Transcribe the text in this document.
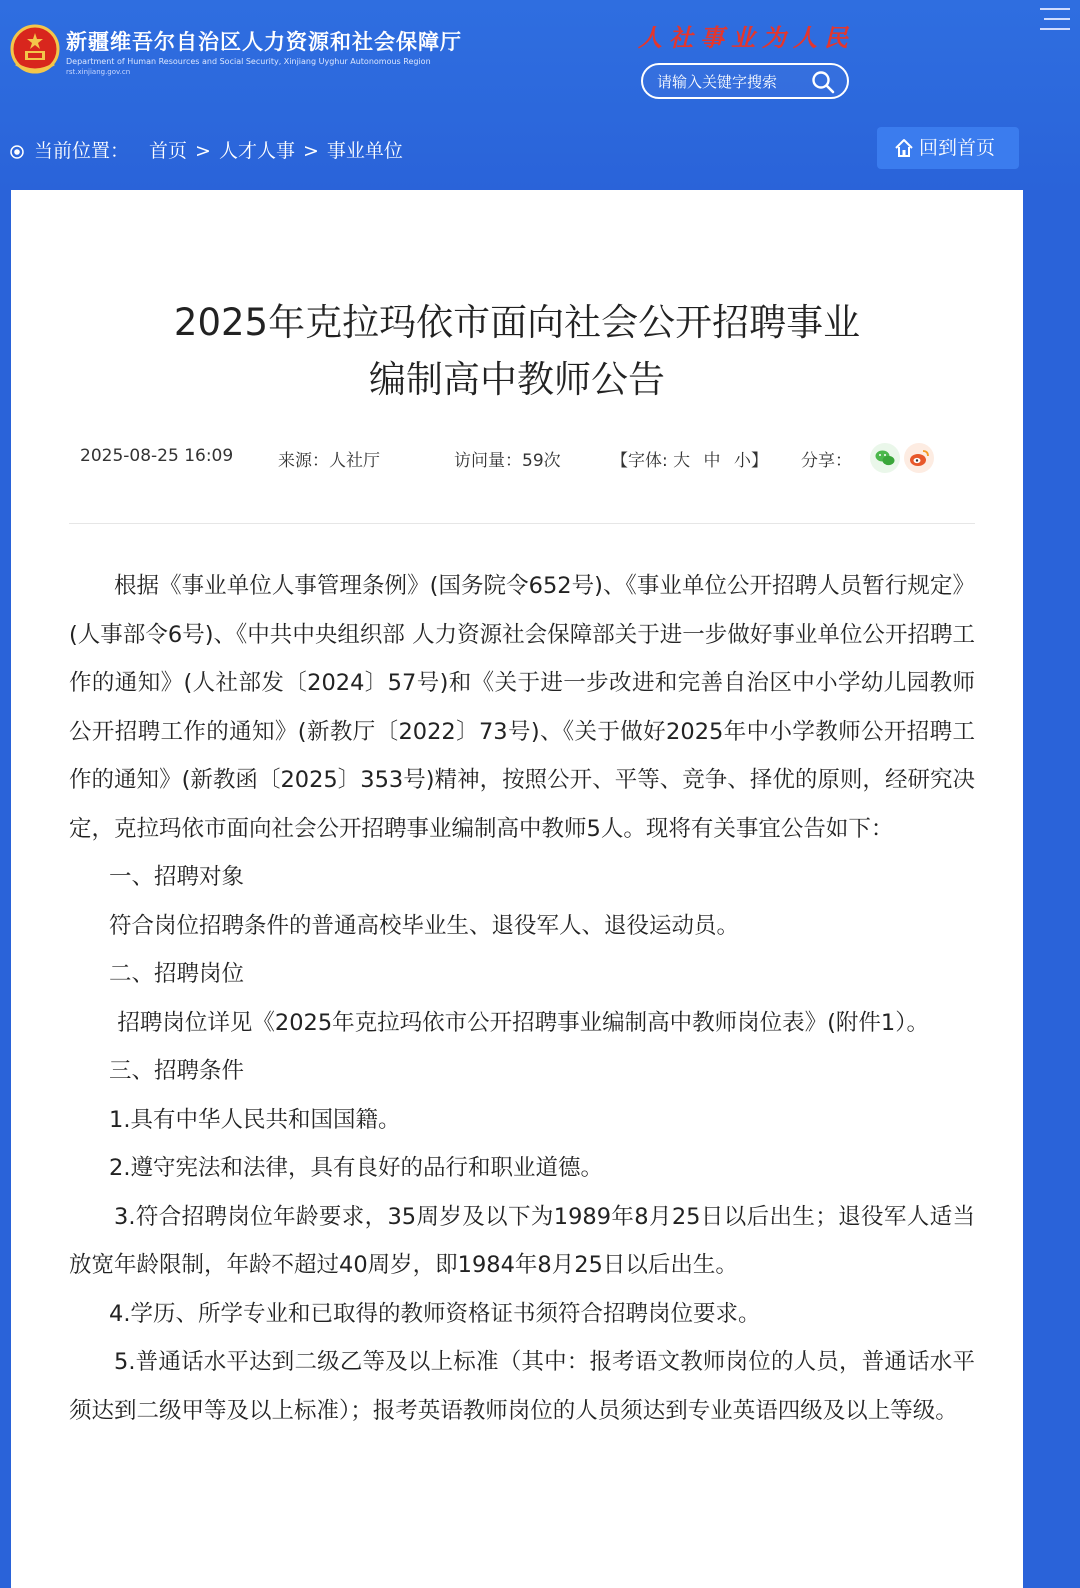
新疆维吾尔自治区人力资源和社会保障厅
Department of Human Resources and Social Security, Xinjiang Uyghur Autonomous Region
rst.xinjiang.gov.cn
人社事业为人民
请输入关键字搜索
当前位置： 首页 > 人才人事 > 事业单位	回到首页
2025年克拉玛依市面向社会公开招聘事业
编制高中教师公告
2025-08-25 16:09	来源：人社厅	访问量：59次	【字体: 大 中 小】 分享：

根据《事业单位人事管理条例》(国务院令652号)、《事业单位公开招聘人员暂行规定》(人事部令6号)、《中共中央组织部 人力资源社会保障部关于进一步做好事业单位公开招聘工作的通知》(人社部发〔2024〕57号)和《关于进一步改进和完善自治区中小学幼儿园教师公开招聘工作的通知》(新教厅〔2022〕73号)、《关于做好2025年中小学教师公开招聘工作的通知》(新教函〔2025〕353号)精神，按照公开、平等、竞争、择优的原则，经研究决定，克拉玛依市面向社会公开招聘事业编制高中教师5人。现将有关事宜公告如下：

一、招聘对象

符合岗位招聘条件的普通高校毕业生、退役军人、退役运动员。

二、招聘岗位

招聘岗位详见《2025年克拉玛依市公开招聘事业编制高中教师岗位表》(附件1）。

三、招聘条件

1.具有中华人民共和国国籍。

2.遵守宪法和法律，具有良好的品行和职业道德。

3.符合招聘岗位年龄要求，35周岁及以下为1989年8月25日以后出生；退役军人适当放宽年龄限制，年龄不超过40周岁，即1984年8月25日以后出生。

4.学历、所学专业和已取得的教师资格证书须符合招聘岗位要求。

5.普通话水平达到二级乙等及以上标准（其中：报考语文教师岗位的人员，普通话水平须达到二级甲等及以上标准）；报考英语教师岗位的人员须达到专业英语四级及以上等级。
